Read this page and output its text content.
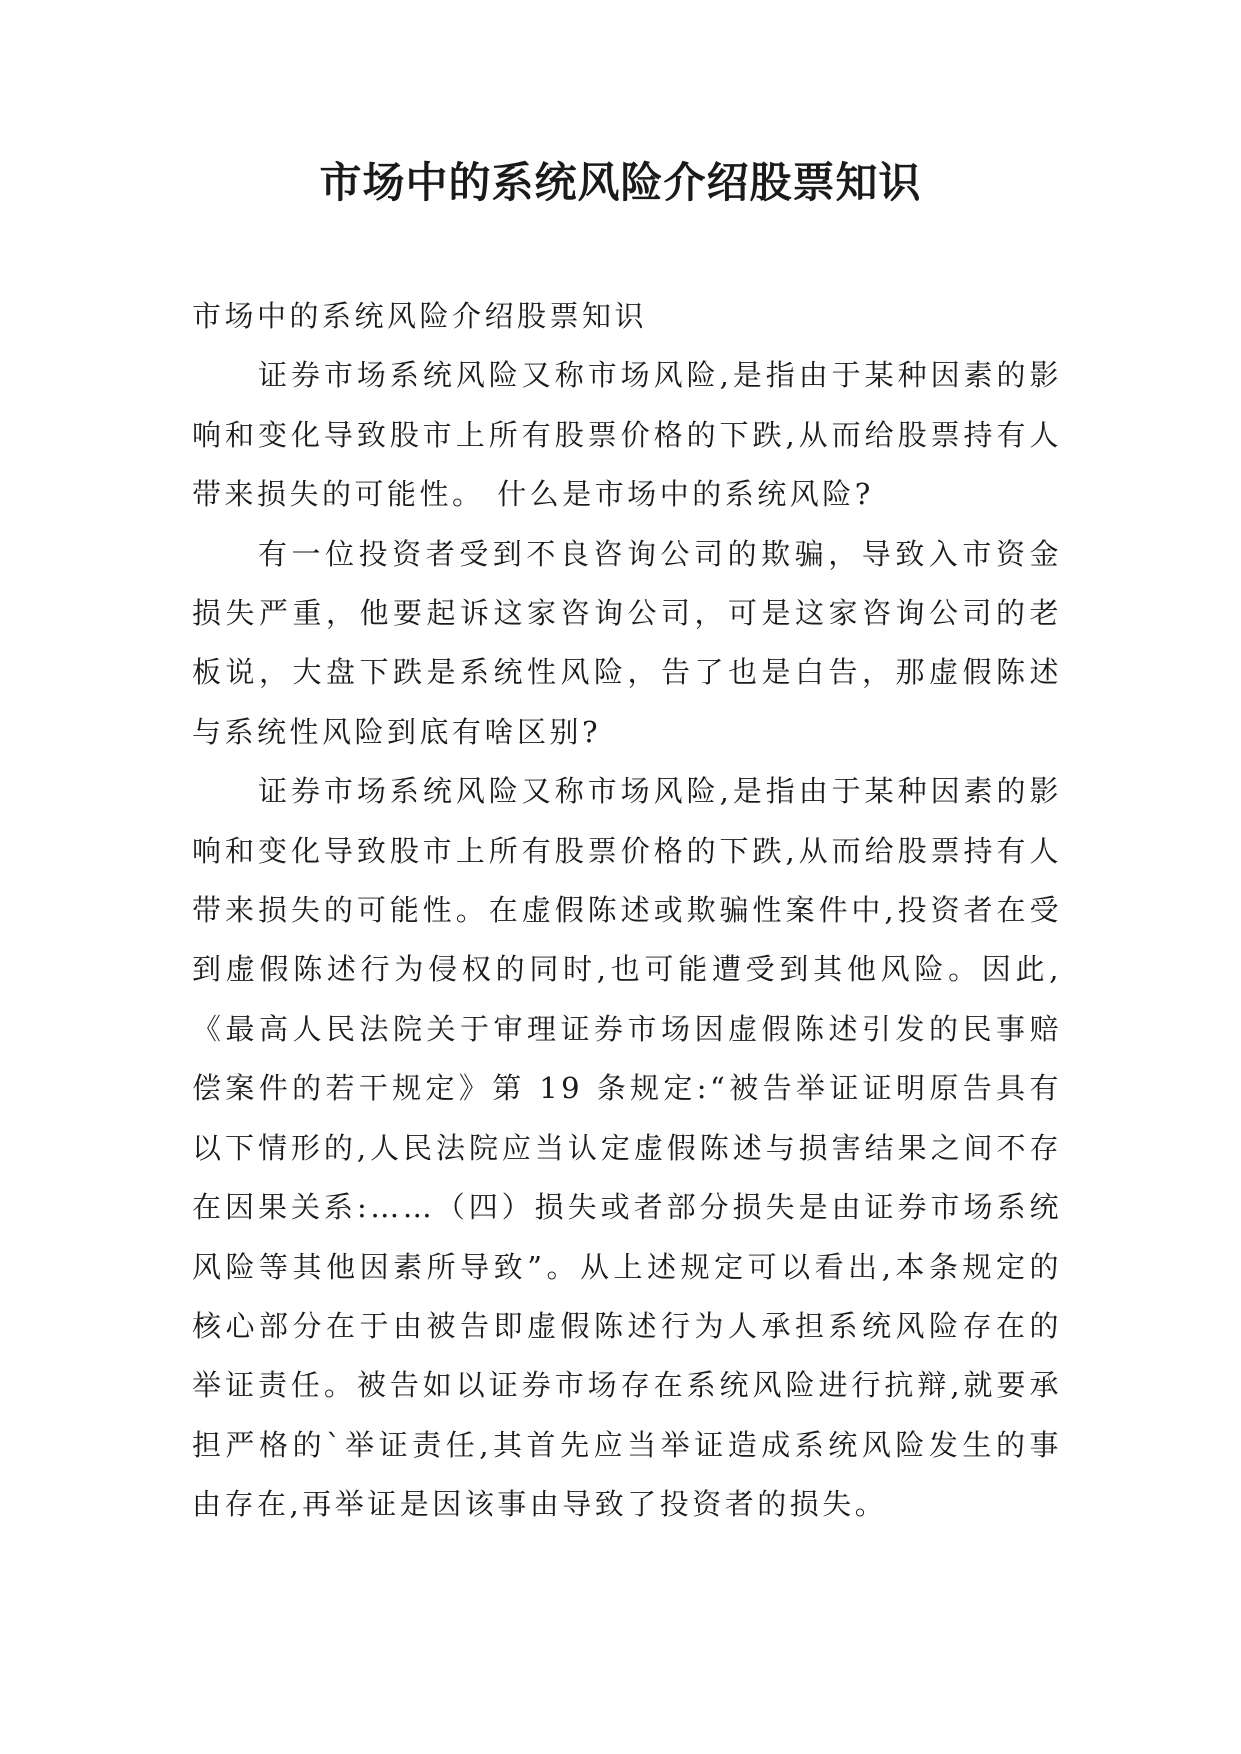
市场中的系统风险介绍股票知识

市场中的系统风险介绍股票知识

证券市场系统风险又称市场风险,是指由于某种因素的影响和变化导致股市上所有股票价格的下跌,从而给股票持有人带来损失的可能性。 什么是市场中的系统风险?

有一位投资者受到不良咨询公司的欺骗，导致入市资金损失严重，他要起诉这家咨询公司，可是这家咨询公司的老板说，大盘下跌是系统性风险，告了也是白告，那虚假陈述与系统性风险到底有啥区别?

证券市场系统风险又称市场风险,是指由于某种因素的影响和变化导致股市上所有股票价格的下跌,从而给股票持有人带来损失的可能性。在虚假陈述或欺骗性案件中,投资者在受到虚假陈述行为侵权的同时,也可能遭受到其他风险。因此,《最高人民法院关于审理证券市场因虚假陈述引发的民事赔偿案件的若干规定》第 19 条规定:“被告举证证明原告具有以下情形的,人民法院应当认定虚假陈述与损害结果之间不存在因果关系:……（四）损失或者部分损失是由证券市场系统风险等其他因素所导致”。从上述规定可以看出,本条规定的核心部分在于由被告即虚假陈述行为人承担系统风险存在的举证责任。被告如以证券市场存在系统风险进行抗辩,就要承担严格的`举证责任,其首先应当举证造成系统风险发生的事由存在,再举证是因该事由导致了投资者的损失。
